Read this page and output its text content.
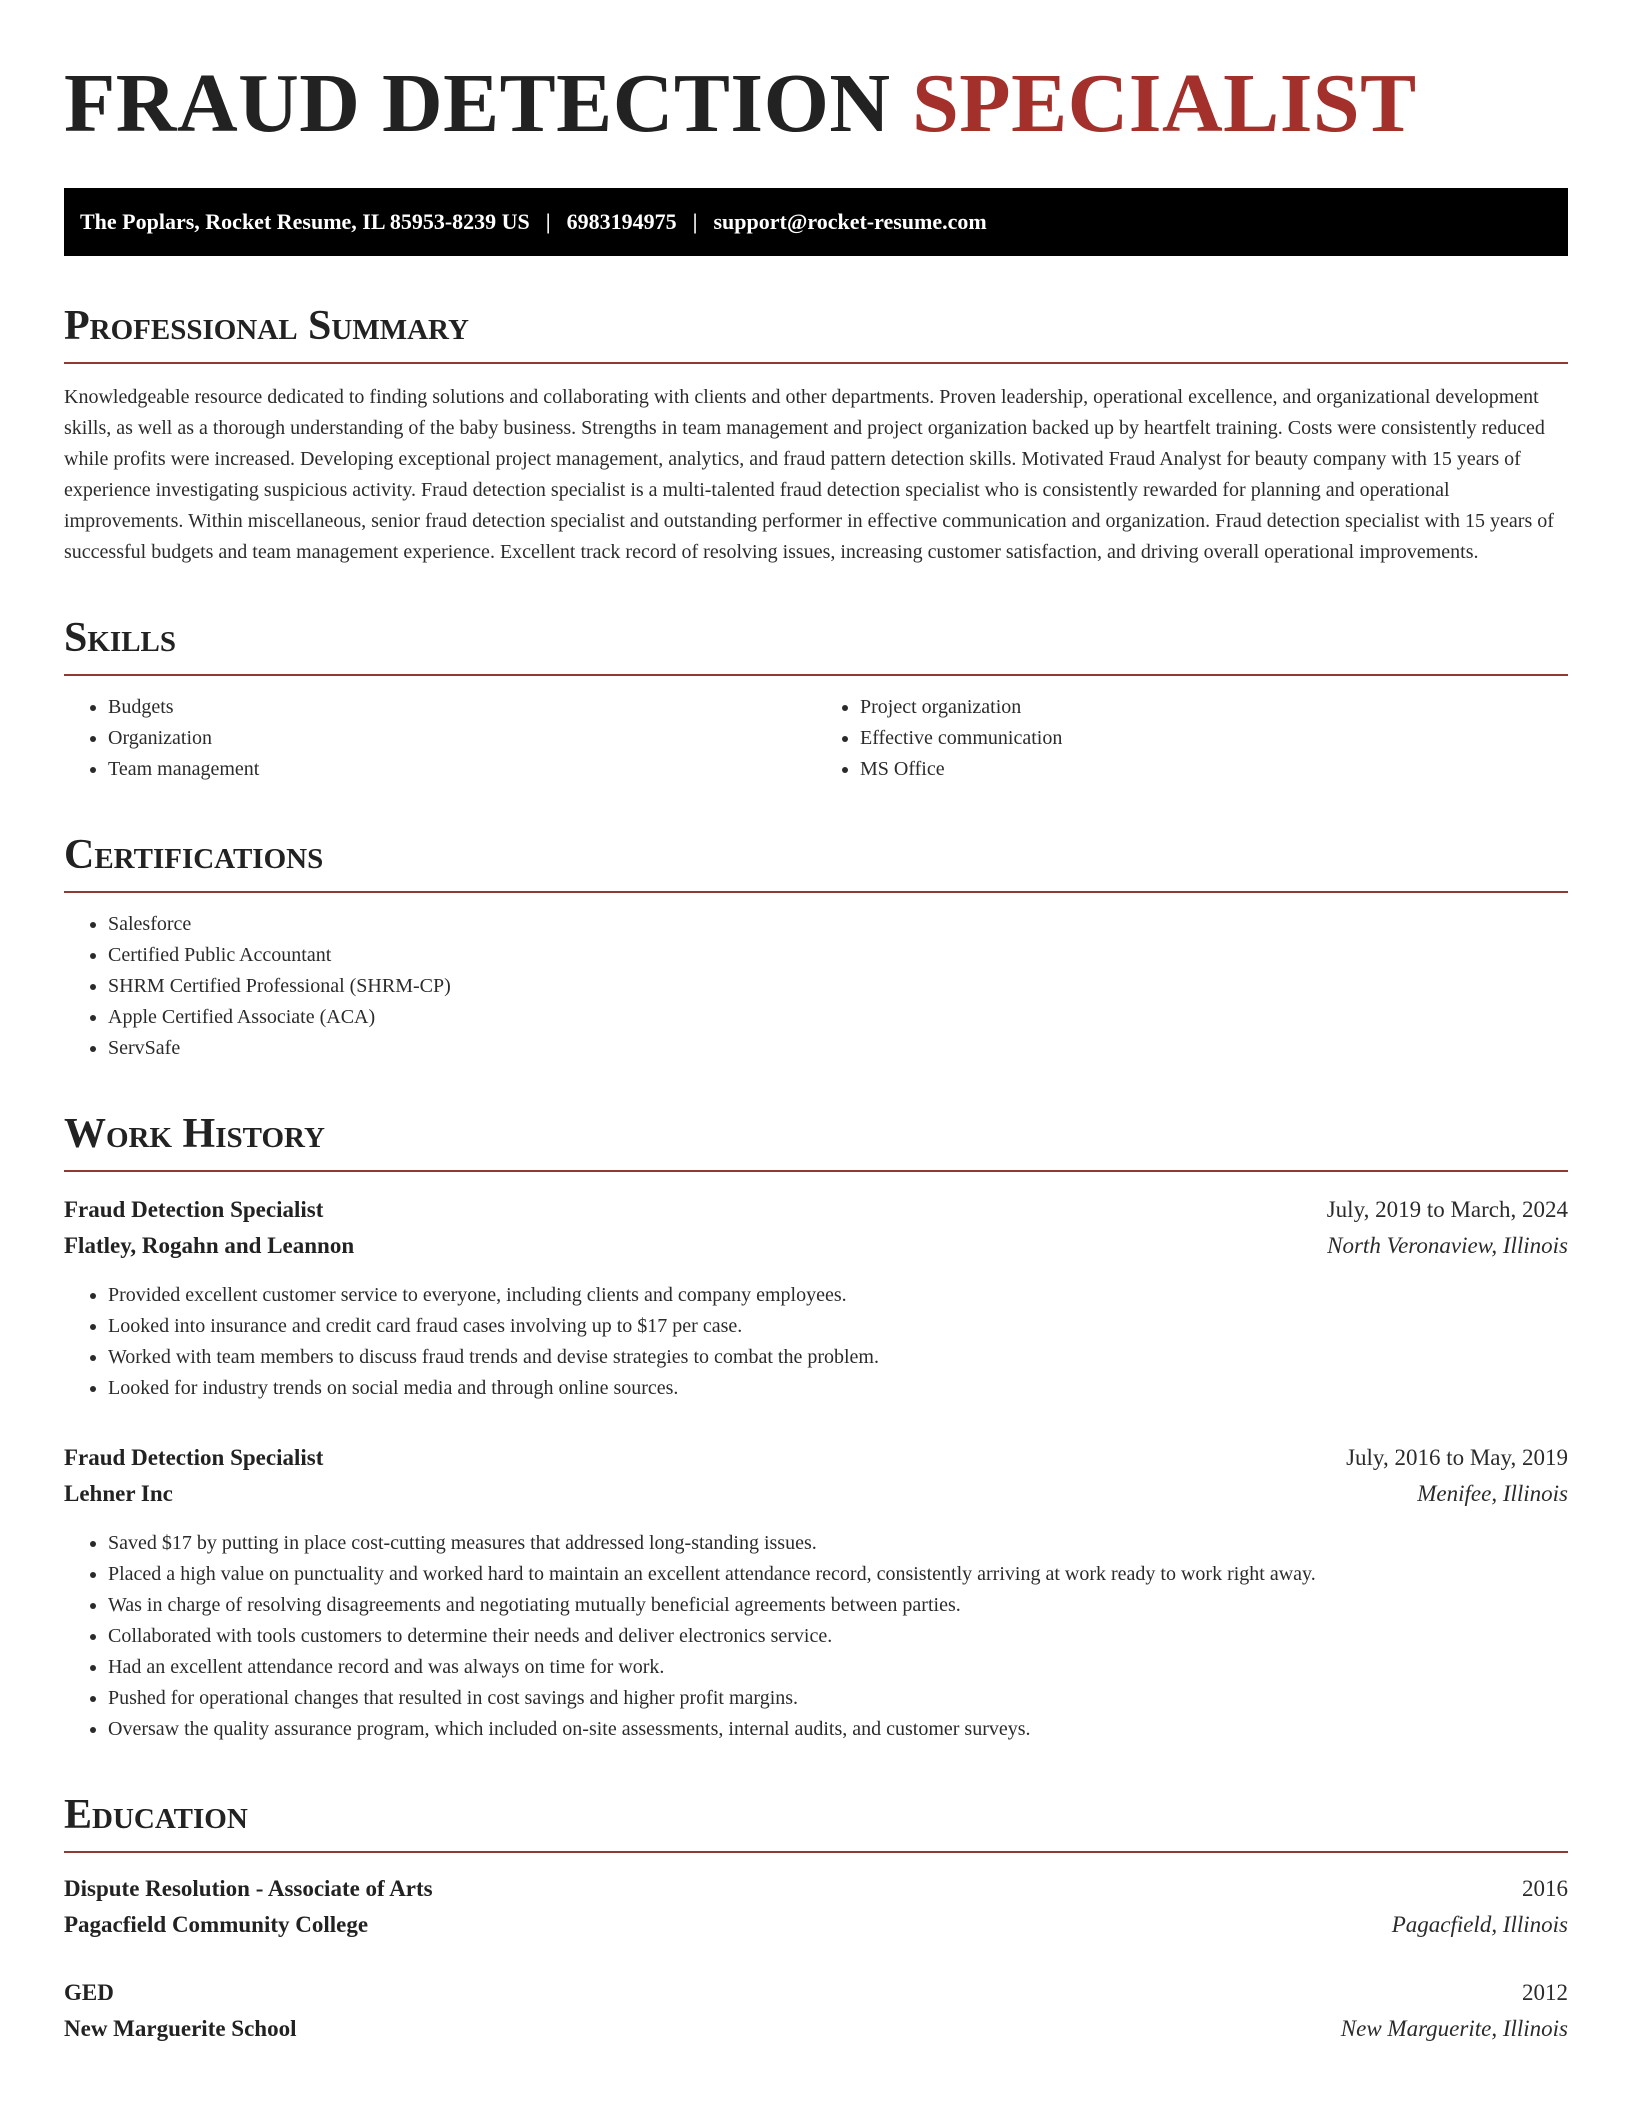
FRAUD DETECTION SPECIALIST
The Poplars, Rocket Resume, IL 85953-8239 US | 6983194975 | support@rocket-resume.com
Professional Summary

Knowledgeable resource dedicated to finding solutions and collaborating with clients and other departments. Proven leadership, operational excellence, and organizational development skills, as well as a thorough understanding of the baby business. Strengths in team management and project organization backed up by heartfelt training. Costs were consistently reduced while profits were increased. Developing exceptional project management, analytics, and fraud pattern detection skills. Motivated Fraud Analyst for beauty company with 15 years of experience investigating suspicious activity. Fraud detection specialist is a multi-talented fraud detection specialist who is consistently rewarded for planning and operational improvements. Within miscellaneous, senior fraud detection specialist and outstanding performer in effective communication and organization. Fraud detection specialist with 15 years of successful budgets and team management experience. Excellent track record of resolving issues, increasing customer satisfaction, and driving overall operational improvements.

Skills
• Budgets
• Organization
• Team management
• Project organization
• Effective communication
• MS Office
Certifications
• Salesforce
• Certified Public Accountant
• SHRM Certified Professional (SHRM-CP)
• Apple Certified Associate (ACA)
• ServSafe
Work History
Fraud Detection Specialist	July, 2019 to March, 2024
Flatley, Rogahn and Leannon	North Veronaview, Illinois
• Provided excellent customer service to everyone, including clients and company employees.
• Looked into insurance and credit card fraud cases involving up to $17 per case.
• Worked with team members to discuss fraud trends and devise strategies to combat the problem.
• Looked for industry trends on social media and through online sources.
Fraud Detection Specialist	July, 2016 to May, 2019
Lehner Inc	Menifee, Illinois
• Saved $17 by putting in place cost-cutting measures that addressed long-standing issues.
• Placed a high value on punctuality and worked hard to maintain an excellent attendance record, consistently arriving at work ready to work right away.
• Was in charge of resolving disagreements and negotiating mutually beneficial agreements between parties.
• Collaborated with tools customers to determine their needs and deliver electronics service.
• Had an excellent attendance record and was always on time for work.
• Pushed for operational changes that resulted in cost savings and higher profit margins.
• Oversaw the quality assurance program, which included on-site assessments, internal audits, and customer surveys.
Education
Dispute Resolution - Associate of Arts	2016
Pagacfield Community College	Pagacfield, Illinois
GED	2012
New Marguerite School	New Marguerite, Illinois
